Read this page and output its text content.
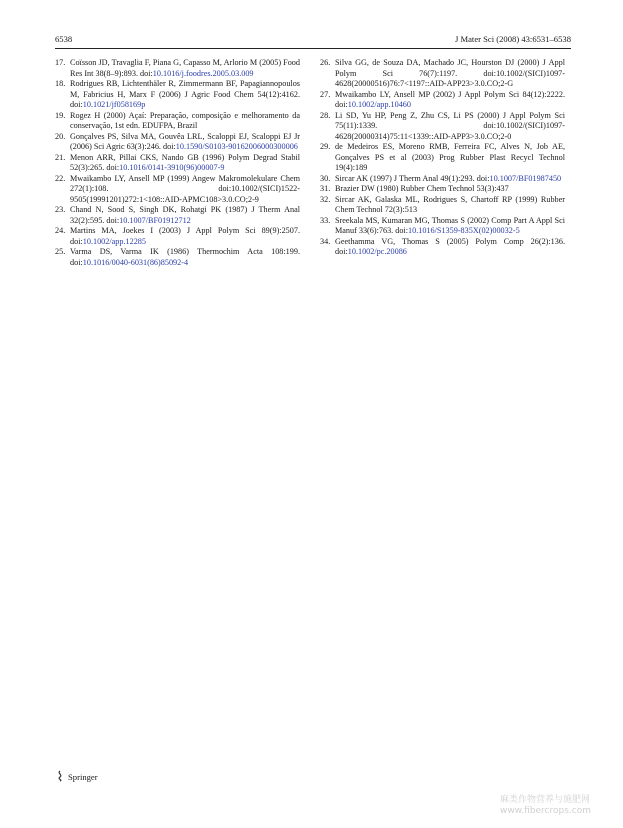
6538	J Mater Sci (2008) 43:6531–6538
17. Coïsson JD, Travaglia F, Piana G, Capasso M, Arlorio M (2005) Food Res Int 38(8–9):893. doi:10.1016/j.foodres.2005.03.009
18. Rodrigues RB, Lichtenthäler R, Zimmermann BF, Papagiannopoulos M, Fabricius H, Marx F (2006) J Agric Food Chem 54(12):4162. doi:10.1021/jf058169p
19. Rogez H (2000) Açaí: Preparação, composição e melhoramento da conservação, 1st edn. EDUFPA, Brazil
20. Gonçalves PS, Silva MA, Gouvêa LRL, Scaloppi EJ, Scaloppi EJ Jr (2006) Sci Agric 63(3):246. doi:10.1590/S0103-90162006000300006
21. Menon ARR, Pillai CKS, Nando GB (1996) Polym Degrad Stabil 52(3):265. doi:10.1016/0141-3910(96)00007-9
22. Mwaikambo LY, Ansell MP (1999) Angew Makromolekulare Chem 272(1):108. doi:10.1002/(SICI)1522-9505(19991201)272:1<108::AID-APMC108>3.0.CO;2-9
23. Chand N, Sood S, Singh DK, Rohatgi PK (1987) J Therm Anal 32(2):595. doi:10.1007/BF01912712
24. Martins MA, Joekes I (2003) J Appl Polym Sci 89(9):2507. doi:10.1002/app.12285
25. Varma DS, Varma IK (1986) Thermochim Acta 108:199. doi:10.1016/0040-6031(86)85092-4
26. Silva GG, de Souza DA, Machado JC, Hourston DJ (2000) J Appl Polym Sci 76(7):1197. doi:10.1002/(SICI)1097-4628(20000516)76:7<1197::AID-APP23>3.0.CO;2-G
27. Mwaikambo LY, Ansell MP (2002) J Appl Polym Sci 84(12):2222. doi:10.1002/app.10460
28. Li SD, Yu HP, Peng Z, Zhu CS, Li PS (2000) J Appl Polym Sci 75(11):1339. doi:10.1002/(SICI)1097-4628(20000314)75:11<1339::AID-APP3>3.0.CO;2-0
29. de Medeiros ES, Moreno RMB, Ferreira FC, Alves N, Job AE, Gonçalves PS et al (2003) Prog Rubber Plast Recycl Technol 19(4):189
30. Sircar AK (1997) J Therm Anal 49(1):293. doi:10.1007/BF01987450
31. Brazier DW (1980) Rubber Chem Technol 53(3):437
32. Sircar AK, Galaska ML, Rodrigues S, Chartoff RP (1999) Rubber Chem Technol 72(3):513
33. Sreekala MS, Kumaran MG, Thomas S (2002) Comp Part A Appl Sci Manuf 33(6):763. doi:10.1016/S1359-835X(02)00032-5
34. Geethamma VG, Thomas S (2005) Polym Comp 26(2):136. doi:10.1002/pc.20086
Springer
麻类作物营养与施肥网
www.fibercrops.com
